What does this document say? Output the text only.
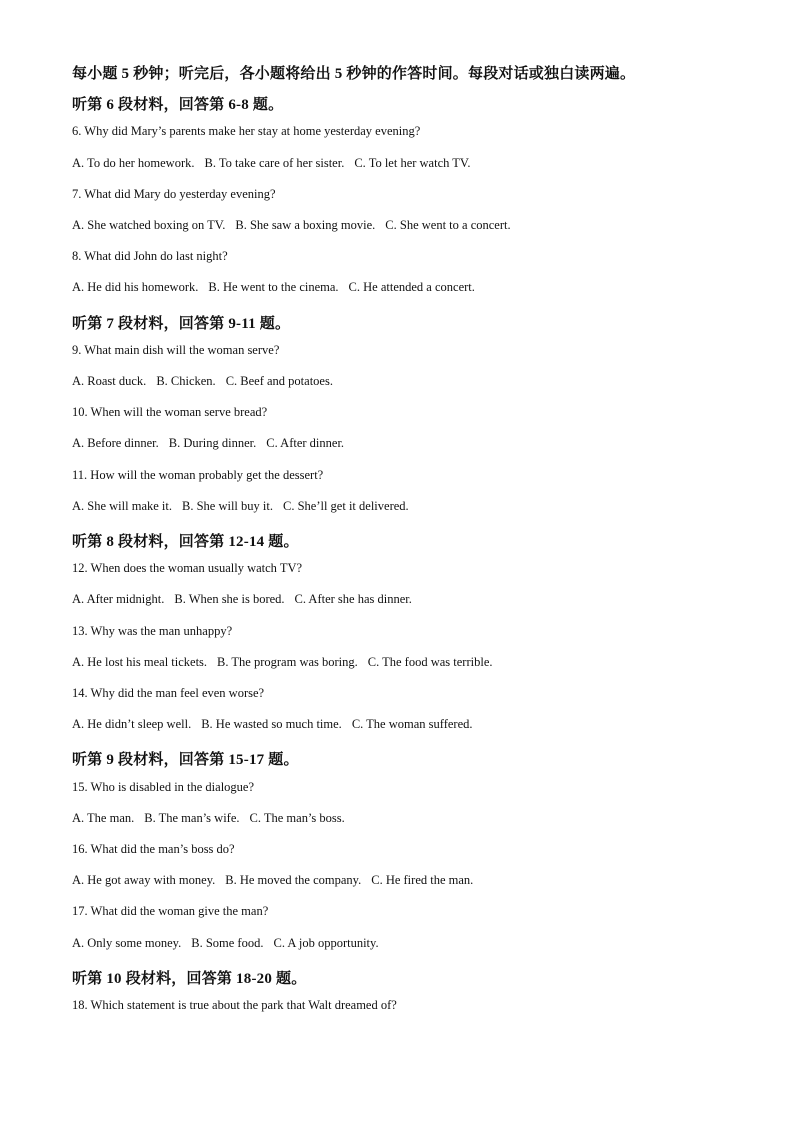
每小题 5 秒钟；听完后，各小题将给出 5 秒钟的作答时间。每段对话或独白读两遍。
听第 6 段材料，回答第 6-8 题。
6. Why did Mary’s parents make her stay at home yesterday evening?
A. To do her homework. B. To take care of her sister. C. To let her watch TV.
7. What did Mary do yesterday evening?
A. She watched boxing on TV. B. She saw a boxing movie. C. She went to a concert.
8. What did John do last night?
A. He did his homework. B. He went to the cinema. C. He attended a concert.
听第 7 段材料，回答第 9-11 题。
9. What main dish will the woman serve?
A. Roast duck. B. Chicken. C. Beef and potatoes.
10. When will the woman serve bread?
A. Before dinner. B. During dinner. C. After dinner.
11. How will the woman probably get the dessert?
A. She will make it. B. She will buy it. C. She’ll get it delivered.
听第 8 段材料，回答第 12-14 题。
12. When does the woman usually watch TV?
A. After midnight. B. When she is bored. C. After she has dinner.
13. Why was the man unhappy?
A. He lost his meal tickets. B. The program was boring. C. The food was terrible.
14. Why did the man feel even worse?
A. He didn’t sleep well. B. He wasted so much time. C. The woman suffered.
听第 9 段材料，回答第 15-17 题。
15. Who is disabled in the dialogue?
A. The man. B. The man’s wife. C. The man’s boss.
16. What did the man’s boss do?
A. He got away with money. B. He moved the company. C. He fired the man.
17. What did the woman give the man?
A. Only some money. B. Some food. C. A job opportunity.
听第 10 段材料，回答第 18-20 题。
18. Which statement is true about the park that Walt dreamed of?
